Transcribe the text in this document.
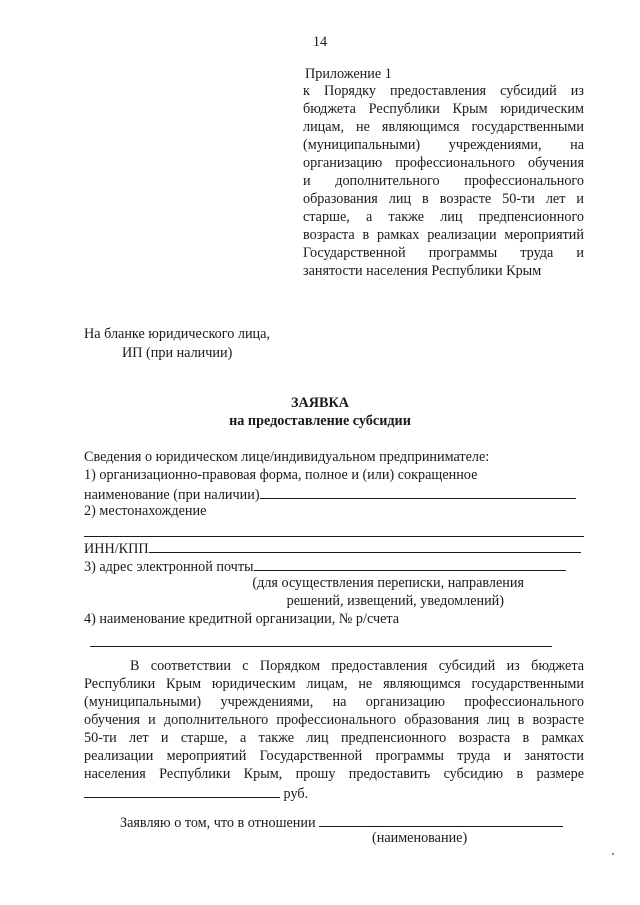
14
Приложение 1
к Порядку предоставления субсидий из
бюджета Республики Крым юридическим
лицам, не являющимся государственными
(муниципальными) учреждениями, на
организацию профессионального обучения
и дополнительного профессионального
образования лиц в возрасте 50-ти лет и
старше, а также лиц предпенсионного
возраста в рамках реализации мероприятий
Государственной программы труда и
занятости населения Республики Крым
На бланке юридического лица,
ИП (при наличии)
ЗАЯВКА
на предоставление субсидии
Сведения о юридическом лице/индивидуальном предпринимателе:
1) организационно-правовая форма, полное и (или) сокращенное
наименование (при наличии)
2) местонахождение
ИНН/КПП
3) адрес электронной почты
(для осуществления переписки, направления
решений, извещений, уведомлений)
4) наименование кредитной организации, № р/счета
В соответствии с Порядком предоставления субсидий из бюджета
Республики Крым юридическим лицам, не являющимся государственными
(муниципальными) учреждениями, на организацию профессионального
обучения и дополнительного профессионального образования лиц в возрасте
50-ти лет и старше, а также лиц предпенсионного возраста в рамках
реализации мероприятий Государственной программы труда и занятости
населения Республики Крым, прошу предоставить субсидию в размере
руб.
Заявляю о том, что в отношении
(наименование)
